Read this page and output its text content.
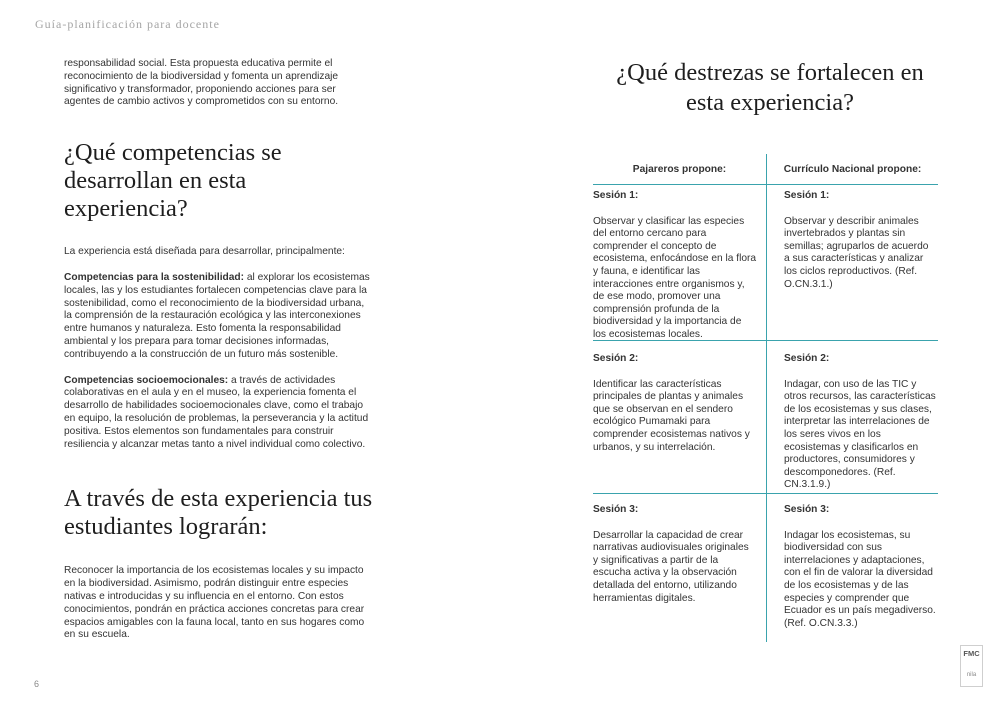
Guía-planificación para docente

responsabilidad social. Esta propuesta educativa permite el reconocimiento de la biodiversidad y fomenta un aprendizaje significativo y transformador, proponiendo acciones para ser agentes de cambio activos y comprometidos con su entorno.

¿Qué competencias se desarrollan en esta experiencia?

La experiencia está diseñada para desarrollar, principalmente:

Competencias para la sostenibilidad: al explorar los ecosistemas locales, las y los estudiantes fortalecen competencias clave para la sostenibilidad, como el reconocimiento de la biodiversidad urbana, la comprensión de la restauración ecológica y las interconexiones entre humanos y naturaleza. Esto fomenta la responsabilidad ambiental y los prepara para tomar decisiones informadas, contribuyendo a la construcción de un futuro más sostenible.

Competencias socioemocionales: a través de actividades colaborativas en el aula y en el museo, la experiencia fomenta el desarrollo de habilidades socioemocionales clave, como el trabajo en equipo, la resolución de problemas, la perseverancia y la actitud positiva. Estos elementos son fundamentales para construir resiliencia y alcanzar metas tanto a nivel individual como colectivo.

A través de esta experiencia tus estudiantes lograrán:

Reconocer la importancia de los ecosistemas locales y su impacto en la biodiversidad. Asimismo, podrán distinguir entre especies nativas e introducidas y su influencia en el entorno. Con estos conocimientos, pondrán en práctica acciones concretas para crear espacios amigables con la fauna local, tanto en sus hogares como en su escuela.

6
¿Qué destrezas se fortalecen en esta experiencia?
Pajareros propone:	Currículo Nacional propone:
Sesión 1:
Observar y clasificar las especies del entorno cercano para comprender el concepto de ecosistema, enfocándose en la flora y fauna, e identificar las interacciones entre organismos y, de ese modo, promover una comprensión profunda de la biodiversidad y la importancia de los ecosistemas locales.
Sesión 1:
Observar y describir animales invertebrados y plantas sin semillas; agruparlos de acuerdo a sus características y analizar los ciclos reproductivos. (Ref. O.CN.3.1.)
Sesión 2:
Identificar las características principales de plantas y animales que se observan en el sendero ecológico Pumamaki para comprender ecosistemas nativos y urbanos, y su interrelación.
Sesión 2:
Indagar, con uso de las TIC y otros recursos, las características de los ecosistemas y sus clases, interpretar las interrelaciones de los seres vivos en los ecosistemas y clasificarlos en productores, consumidores y descomponedores. (Ref. CN.3.1.9.)
Sesión 3:
Desarrollar la capacidad de crear narrativas audiovisuales originales y significativas a partir de la escucha activa y la observación detallada del entorno, utilizando herramientas digitales.
Sesión 3:
Indagar los ecosistemas, su biodiversidad con sus interrelaciones y adaptaciones, con el fin de valorar la diversidad de los ecosistemas y de las especies y comprender que Ecuador es un país megadiverso. (Ref. O.CN.3.3.)
FMC
nila
